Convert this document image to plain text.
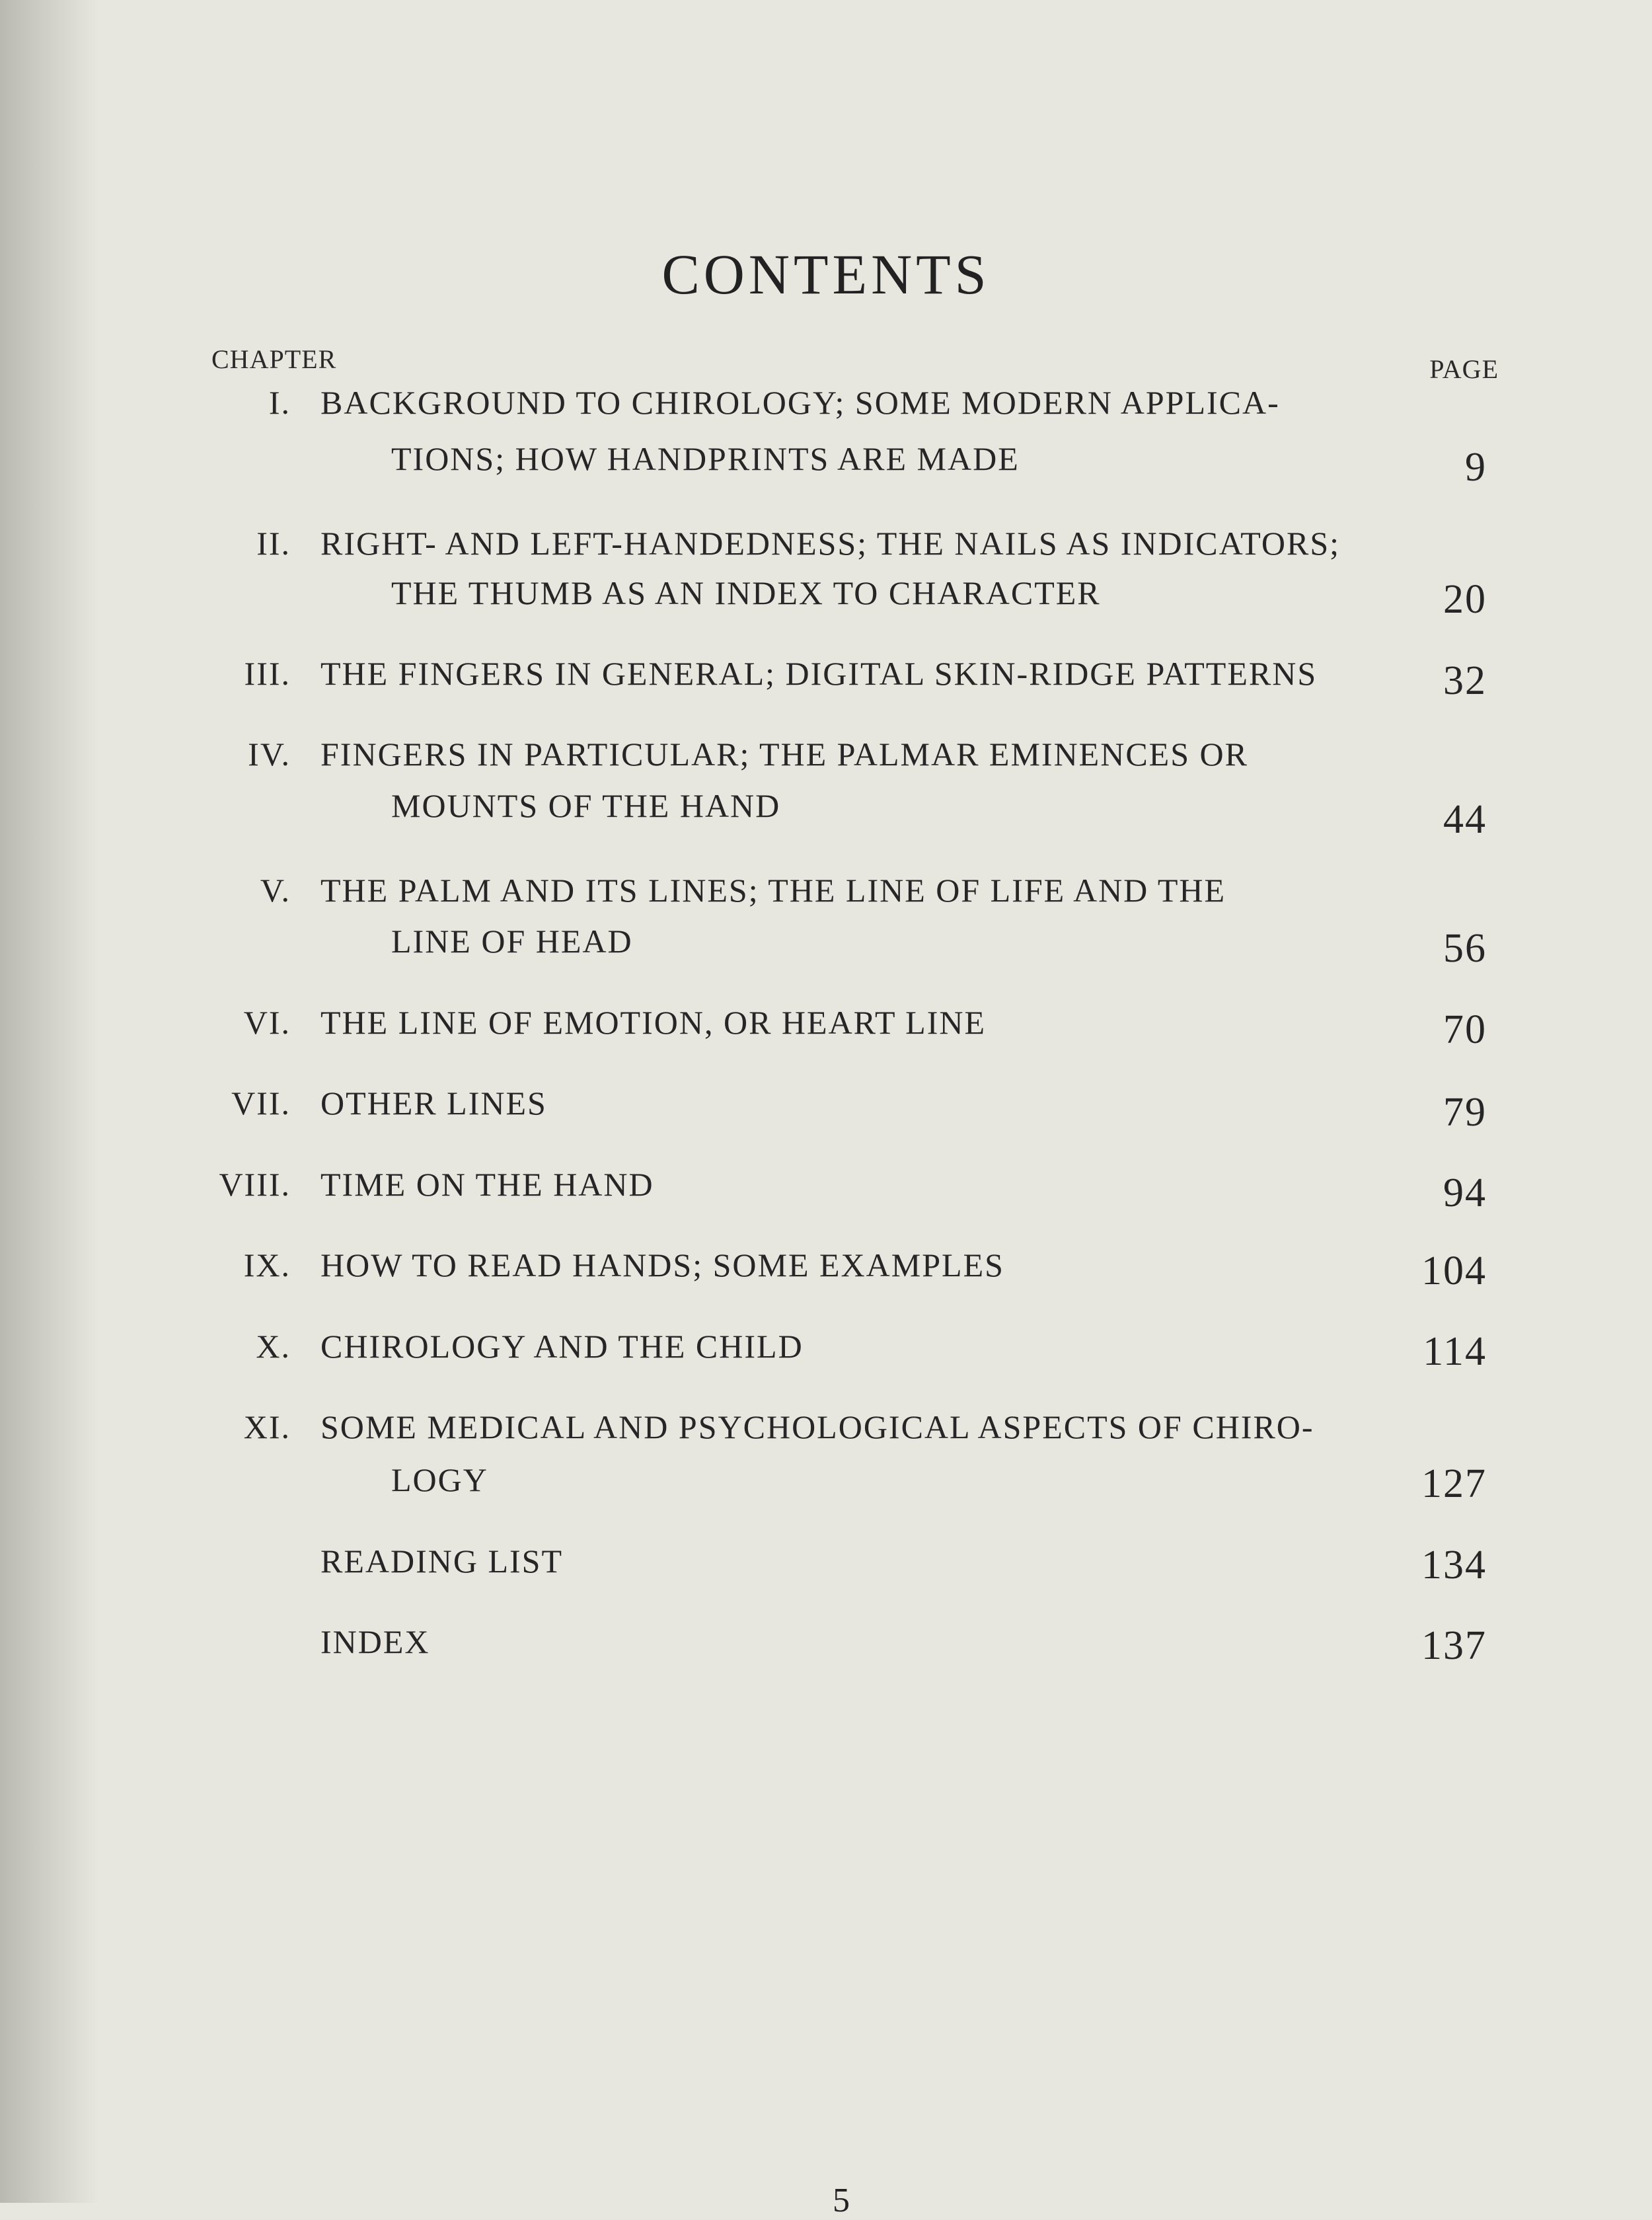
CONTENTS
CHAPTER	PAGE
I. BACKGROUND TO CHIROLOGY; SOME MODERN APPLICA-
TIONS; HOW HANDPRINTS ARE MADE	9
II. RIGHT- AND LEFT-HANDEDNESS; THE NAILS AS INDICATORS;
THE THUMB AS AN INDEX TO CHARACTER	20
III. THE FINGERS IN GENERAL; DIGITAL SKIN-RIDGE PATTERNS	32
IV. FINGERS IN PARTICULAR; THE PALMAR EMINENCES OR
MOUNTS OF THE HAND	44
V. THE PALM AND ITS LINES; THE LINE OF LIFE AND THE
LINE OF HEAD	56
VI. THE LINE OF EMOTION, OR HEART LINE	70
VII. OTHER LINES	79
VIII. TIME ON THE HAND	94
IX. HOW TO READ HANDS; SOME EXAMPLES	104
X. CHIROLOGY AND THE CHILD	114
XI. SOME MEDICAL AND PSYCHOLOGICAL ASPECTS OF CHIRO-
LOGY	127
READING LIST	134
INDEX	137
5
